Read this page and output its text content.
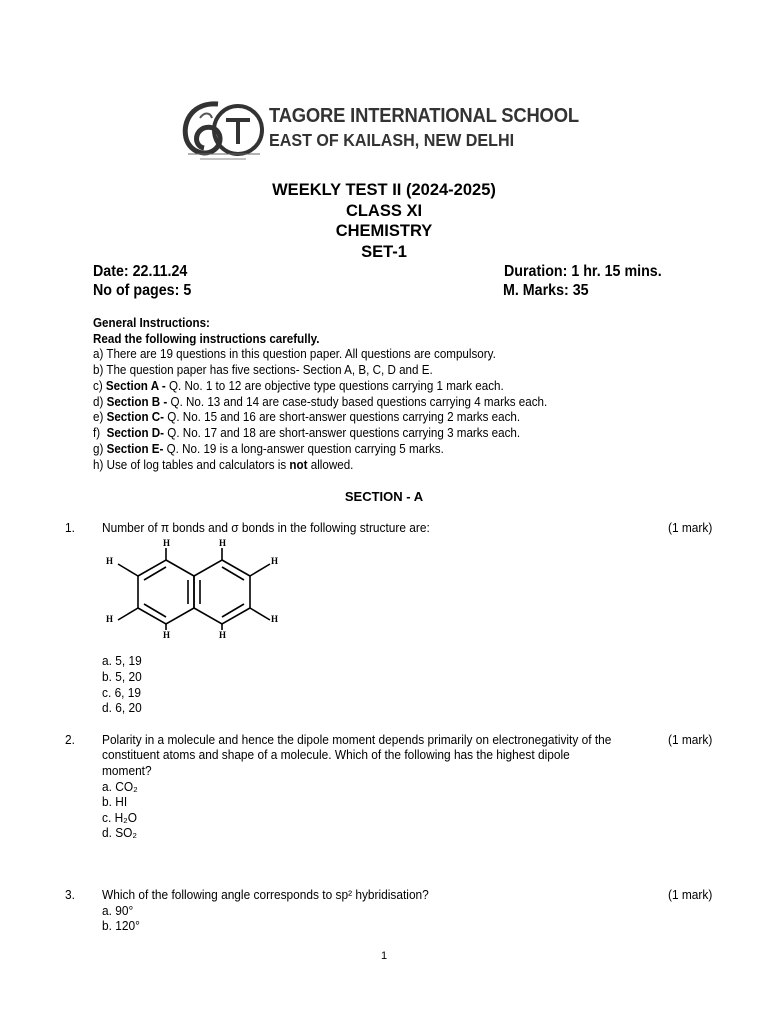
TAGORE INTERNATIONAL SCHOOL
EAST OF KAILASH, NEW DELHI
WEEKLY TEST II (2024-2025)
CLASS XI
CHEMISTRY
SET-1
Date: 22.11.24	Duration: 1 hr. 15 mins.
No of pages: 5	M. Marks: 35
General Instructions:
Read the following instructions carefully.
a) There are 19 questions in this question paper. All questions are compulsory.
b) The question paper has five sections- Section A, B, C, D and E.
c) Section A - Q. No. 1 to 12 are objective type questions carrying 1 mark each.
d) Section B - Q. No. 13 and 14 are case-study based questions carrying 4 marks each.
e) Section C- Q. No. 15 and 16 are short-answer questions carrying 2 marks each.
f)  Section D- Q. No. 17 and 18 are short-answer questions carrying 3 marks each.
g) Section E- Q. No. 19 is a long-answer question carrying 5 marks.
h) Use of log tables and calculators is not allowed.
SECTION - A
1. Number of π bonds and σ bonds in the following structure are:	(1 mark)
H	H
H
H
H
H
H	H
a. 5, 19
b. 5, 20
c. 6, 19
d. 6, 20
2. Polarity in a molecule and hence the dipole moment depends primarily on electronegativity of the
constituent atoms and shape of a molecule. Which of the following has the highest dipole
moment?
(1 mark)
a. CO₂
b. HI
c. H₂O
d. SO₂
3. Which of the following angle corresponds to sp² hybridisation?	(1 mark)
a. 90°
b. 120°
1
